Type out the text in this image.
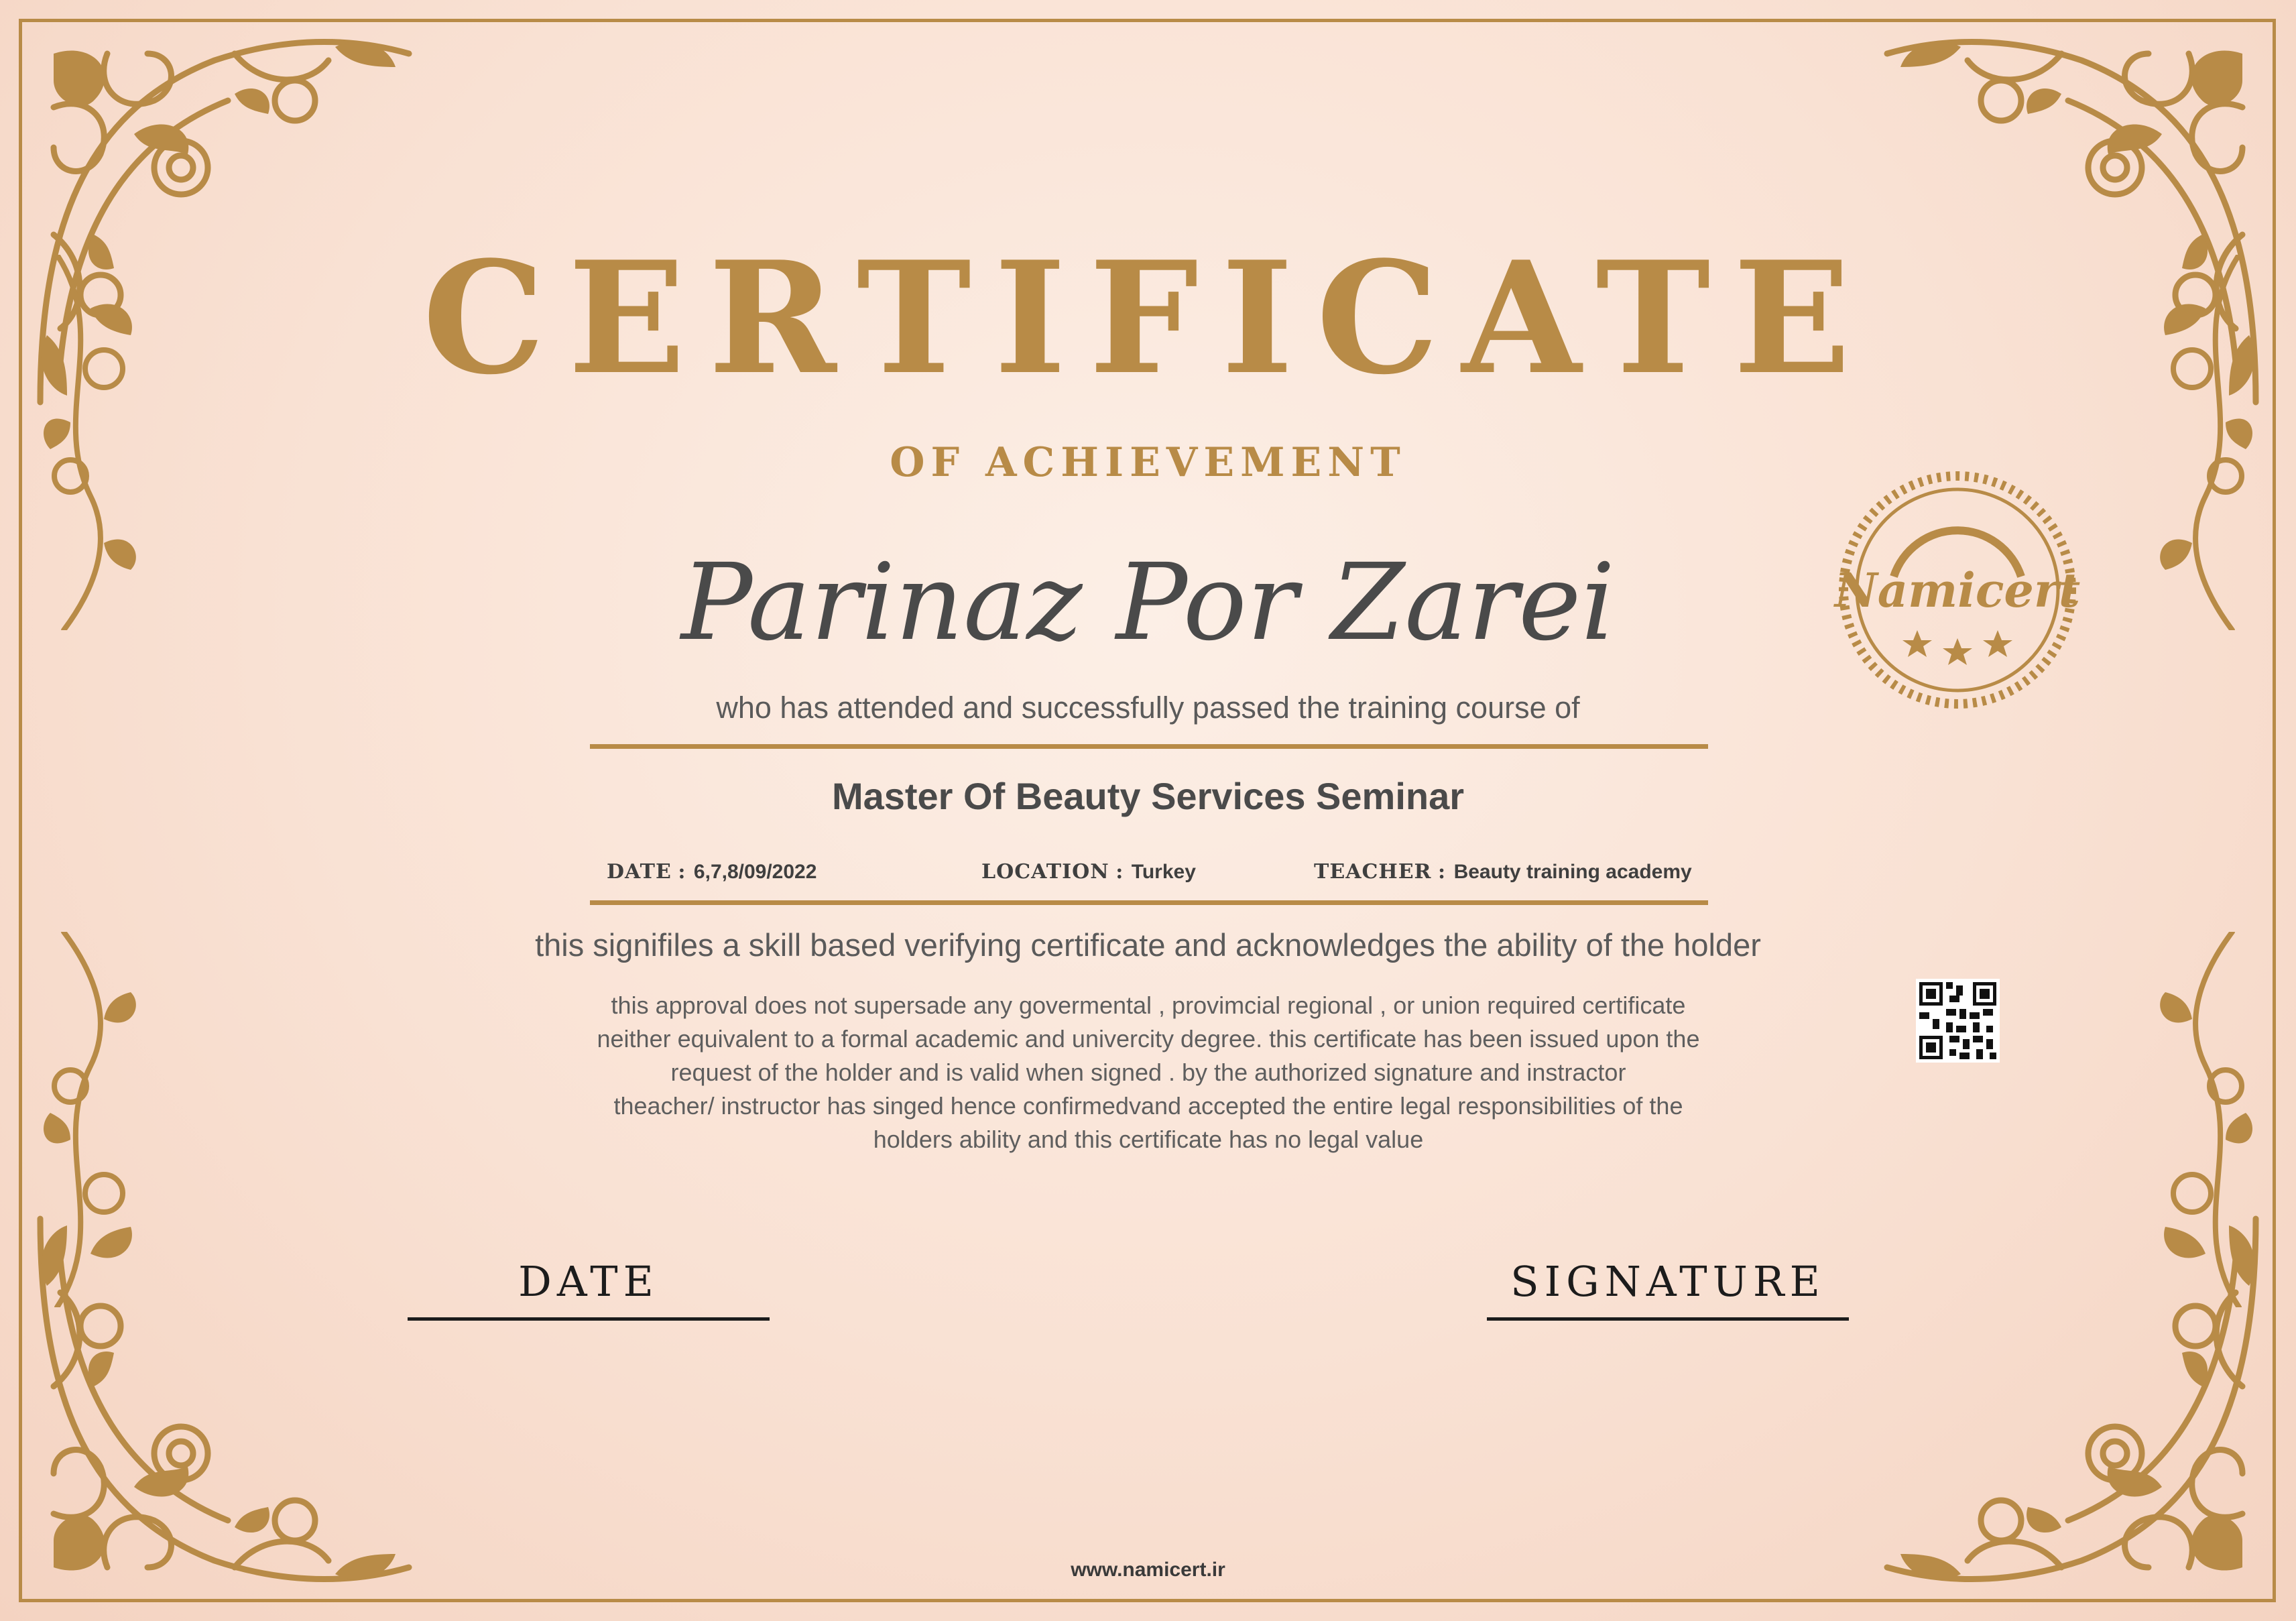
CERTIFICATE
OF ACHIEVEMENT
Parinaz Por Zarei
who has attended and successfully passed the training course of
Master Of Beauty Services Seminar
DATE : 6,7,8/09/2022	LOCATION : Turkey	TEACHER : Beauty training academy
this signifiles a skill based verifying certificate and acknowledges the ability of the holder
this approval does not supersade any govermental , provimcial regional , or union required certificate
neither equivalent to a formal academic and univercity degree. this certificate has been issued upon the
request of the holder and is valid when signed . by the authorized signature and instractor
theacher/ instructor has singed hence confirmedvand accepted the entire legal responsibilities of the
holders ability and this certificate has no legal value
Namicert
DATE	SIGNATURE
www.namicert.ir
